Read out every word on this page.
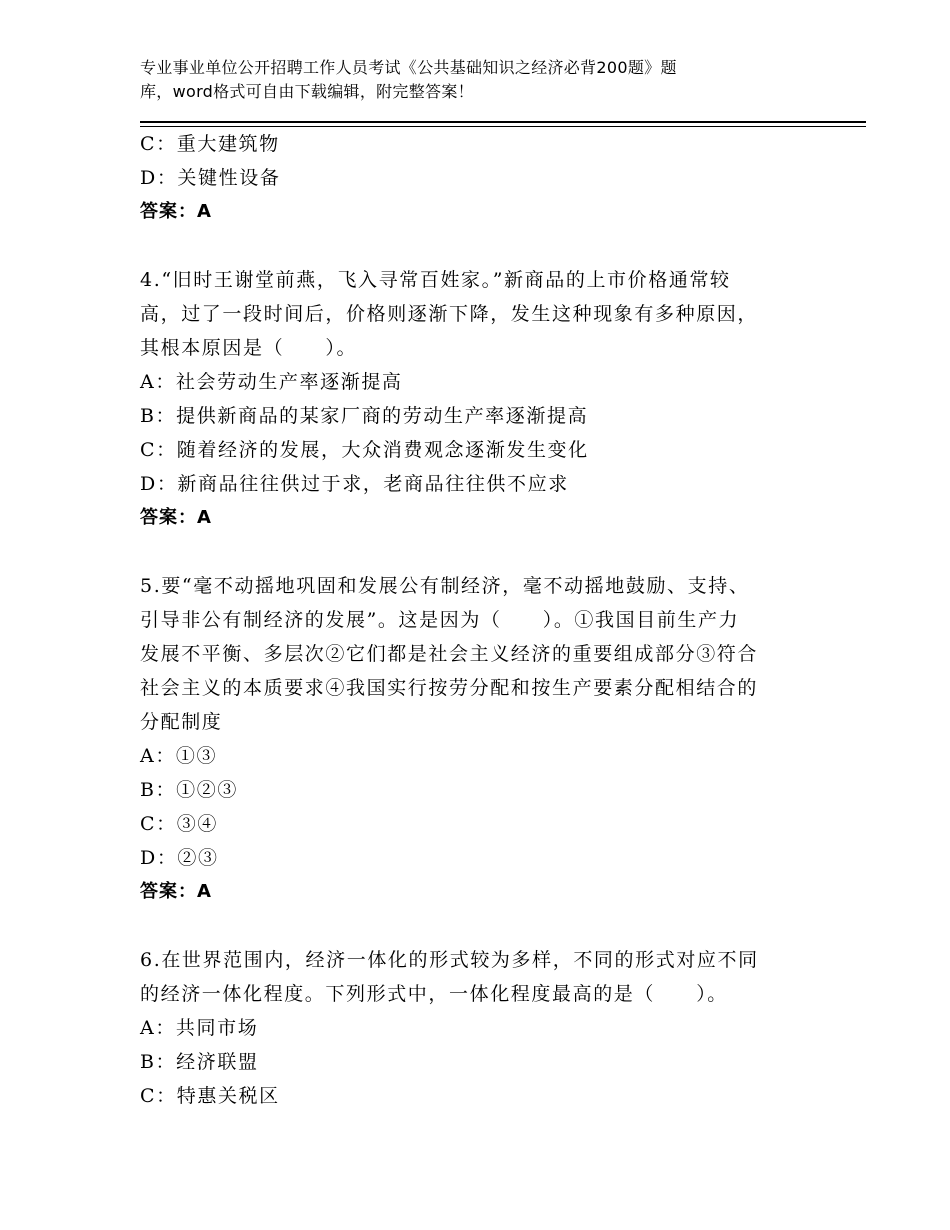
专业事业单位公开招聘工作人员考试《公共基础知识之经济必背200题》题
库，word格式可自由下载编辑，附完整答案！
C：重大建筑物
D：关键性设备
答案：A
4.“旧时王谢堂前燕，飞入寻常百姓家。”新商品的上市价格通常较
高，过了一段时间后，价格则逐渐下降，发生这种现象有多种原因，
其根本原因是（　　）。
A：社会劳动生产率逐渐提高
B：提供新商品的某家厂商的劳动生产率逐渐提高
C：随着经济的发展，大众消费观念逐渐发生变化
D：新商品往往供过于求，老商品往往供不应求
答案：A
5.要“毫不动摇地巩固和发展公有制经济，毫不动摇地鼓励、支持、
引导非公有制经济的发展”。这是因为（　　）。①我国目前生产力
发展不平衡、多层次②它们都是社会主义经济的重要组成部分③符合
社会主义的本质要求④我国实行按劳分配和按生产要素分配相结合的
分配制度
A：①③
B：①②③
C：③④
D：②③
答案：A
6.在世界范围内，经济一体化的形式较为多样，不同的形式对应不同
的经济一体化程度。下列形式中，一体化程度最高的是（　　）。
A：共同市场
B：经济联盟
C：特惠关税区
